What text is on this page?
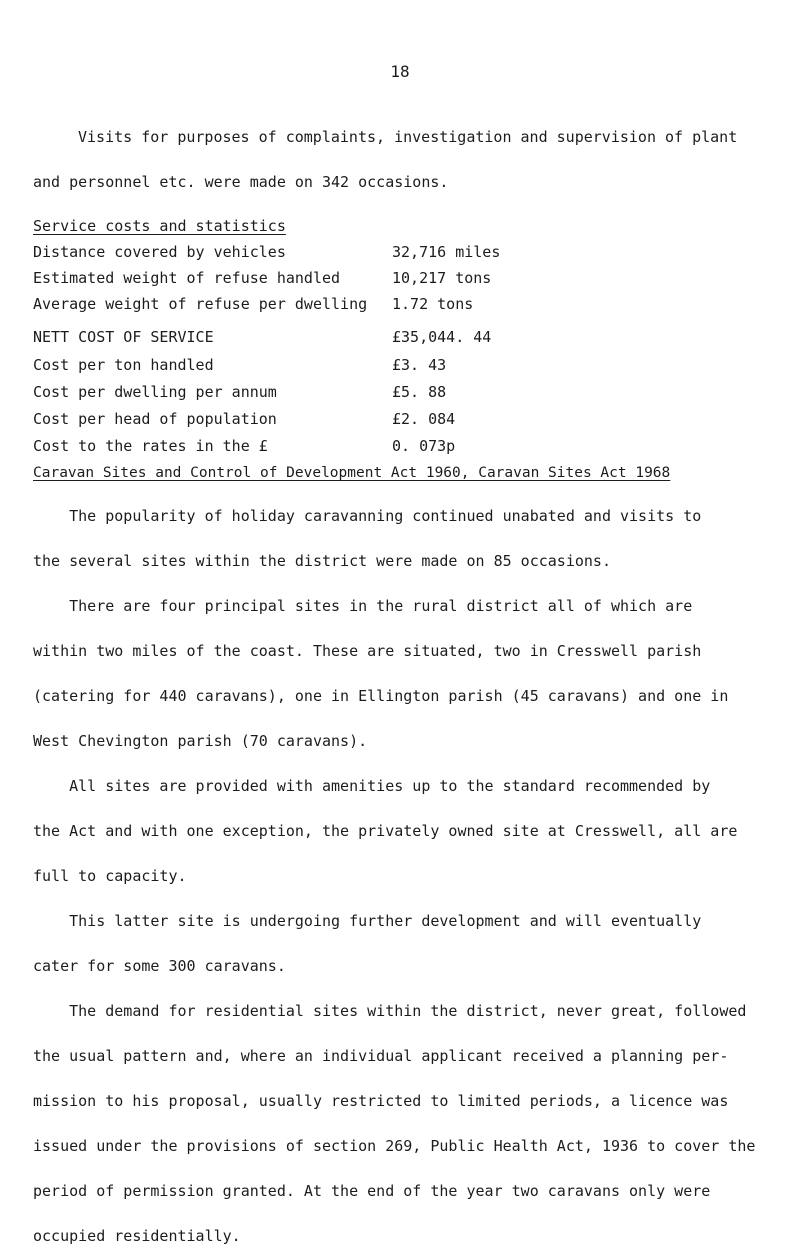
18
Visits for purposes of complaints, investigation and supervision of plant
and personnel etc. were made on 342 occasions.
Service costs and statistics
Distance covered by vehicles	32,716 miles
Estimated weight of refuse handled	10,217 tons
Average weight of refuse per dwelling 1.72 tons
NETT COST OF SERVICE	£35,044. 44
Cost per ton handled	£3. 43
Cost per dwelling per annum	£5. 88
Cost per head of population	£2. 084
Cost to the rates in the £	0. 073p
Caravan Sites and Control of Development Act 1960, Caravan Sites Act 1968
The popularity of holiday caravanning continued unabated and visits to
the several sites within the district were made on 85 occasions.
There are four principal sites in the rural district all of which are
within two miles of the coast. These are situated, two in Cresswell parish
(catering for 440 caravans), one in Ellington parish (45 caravans) and one in
West Chevington parish (70 caravans).
All sites are provided with amenities up to the standard recommended by
the Act and with one exception, the privately owned site at Cresswell, all are
full to capacity.
This latter site is undergoing further development and will eventually
cater for some 300 caravans.
The demand for residential sites within the district, never great, followed
the usual pattern and, where an individual applicant received a planning per-
mission to his proposal, usually restricted to limited periods, a licence was
issued under the provisions of section 269, Public Health Act, 1936 to cover the
period of permission granted. At the end of the year two caravans only were
occupied residentially.
